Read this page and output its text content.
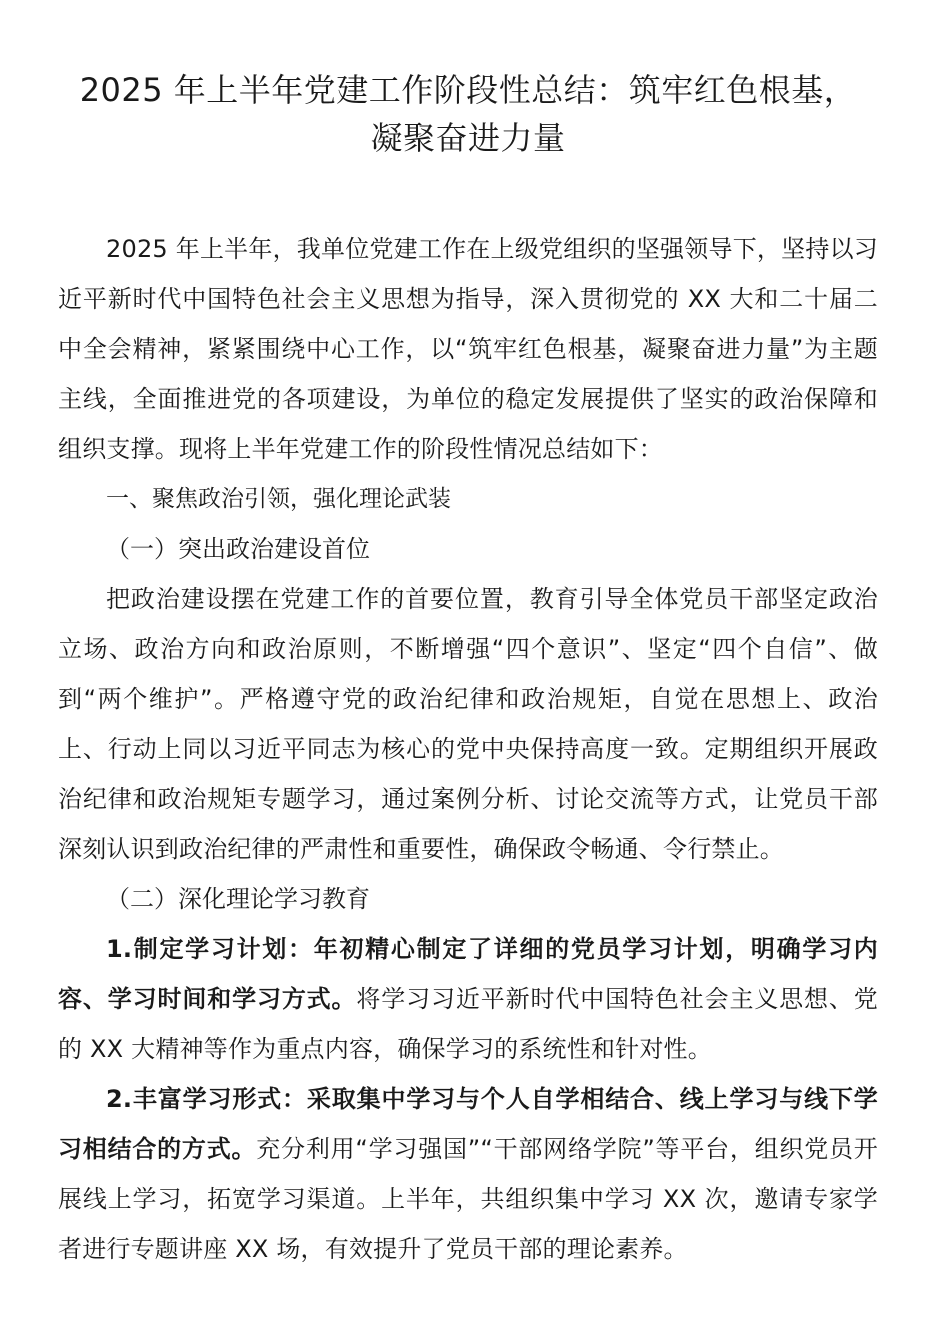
2025 年上半年党建工作阶段性总结：筑牢红色根基，
凝聚奋进力量

2025 年上半年，我单位党建工作在上级党组织的坚强领导下，坚持以习近平新时代中国特色社会主义思想为指导，深入贯彻党的 XX 大和二十届二中全会精神，紧紧围绕中心工作，以“筑牢红色根基，凝聚奋进力量”为主题主线，全面推进党的各项建设，为单位的稳定发展提供了坚实的政治保障和组织支撑。现将上半年党建工作的阶段性情况总结如下：

一、聚焦政治引领，强化理论武装

（一）突出政治建设首位

把政治建设摆在党建工作的首要位置，教育引导全体党员干部坚定政治立场、政治方向和政治原则，不断增强“四个意识”、坚定“四个自信”、做到“两个维护”。严格遵守党的政治纪律和政治规矩，自觉在思想上、政治上、行动上同以习近平同志为核心的党中央保持高度一致。定期组织开展政治纪律和政治规矩专题学习，通过案例分析、讨论交流等方式，让党员干部深刻认识到政治纪律的严肃性和重要性，确保政令畅通、令行禁止。

（二）深化理论学习教育

1.制定学习计划：年初精心制定了详细的党员学习计划，明确学习内容、学习时间和学习方式。将学习习近平新时代中国特色社会主义思想、党的 XX 大精神等作为重点内容，确保学习的系统性和针对性。

2.丰富学习形式：采取集中学习与个人自学相结合、线上学习与线下学习相结合的方式。充分利用“学习强国”“干部网络学院”等平台，组织党员开展线上学习，拓宽学习渠道。上半年，共组织集中学习 XX 次，邀请专家学者进行专题讲座 XX 场，有效提升了党员干部的理论素养。
